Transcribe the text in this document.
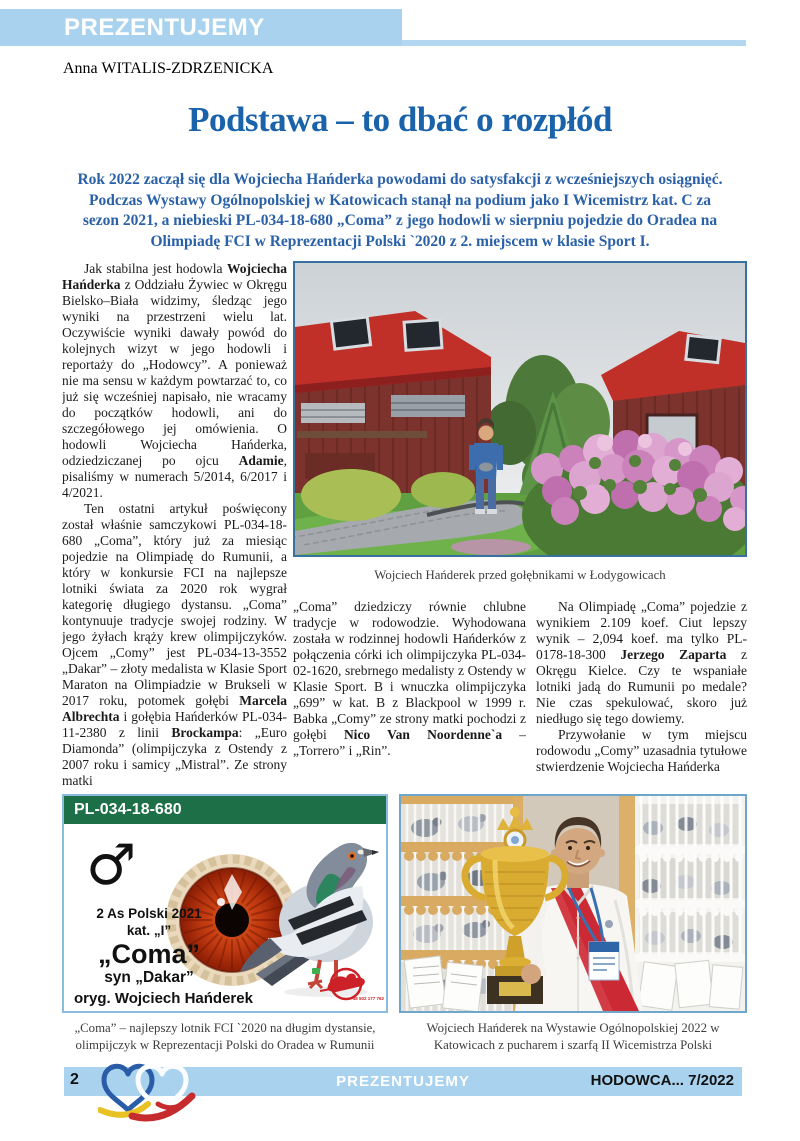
PREZENTUJEMY
Anna WITALIS-ZDRZENICKA
Podstawa – to dbać o rozpłód

Rok 2022 zaczął się dla Wojciecha Hańderka powodami do satysfakcji z wcześniejszych osiągnięć. Podczas Wystawy Ogólnopolskiej w Katowicach stanął na podium jako I Wicemistrz kat. C za sezon 2021, a niebieski PL-034-18-680 „Coma” z jego hodowli w sierpniu pojedzie do Oradea na Olimpiadę FCI w Reprezentacji Polski `2020 z 2. miejscem w klasie Sport I.

Jak stabilna jest hodowla Wojciecha Hańderka z Oddziału Żywiec w Okręgu Bielsko–Biała widzimy, śledząc jego wyniki na przestrzeni wielu lat. Oczywiście wyniki dawały powód do kolejnych wizyt w jego hodowli i reportaży do „Hodowcy”. A ponieważ nie ma sensu w każdym powtarzać to, co już się wcześniej napisało, nie wracamy do początków hodowli, ani do szczegółowego jej omówienia. O hodowli Wojciecha Hańderka, odziedziczanej po ojcu Adamie, pisaliśmy w numerach 5/2014, 6/2017 i 4/2021.

Ten ostatni artykuł poświęcony został właśnie samczykowi PL-034-18-680 „Coma”, który już za miesiąc pojedzie na Olimpiadę do Rumunii, a który w konkursie FCI na najlepsze lotniki świata za 2020 rok wygrał kategorię długiego dystansu. „Coma” kontynuuje tradycje swojej rodziny. W jego żyłach krąży krew olimpijczyków. Ojcem „Comy” jest PL-034-13-3552 „Dakar” – złoty medalista w Klasie Sport Maraton na Olimpiadzie w Brukseli w 2017 roku, potomek gołębi Marcela Albrechta i gołębia Hańderków PL-034-11-2380 z linii Brockampa: „Euro Diamonda” (olimpijczyka z Ostendy z 2007 roku i samicy „Mistral”. Ze strony matki

Wojciech Hańderek przed gołębnikami w Łodygowicach

„Coma” dziedziczy równie chlubne tradycje w rodowodzie. Wyhodowana została w rodzinnej hodowli Hańderków z połączenia córki ich olimpijczyka PL-034-02-1620, srebrnego medalisty z Ostendy w Klasie Sport. B i wnuczka olimpijczyka „699” w kat. B z Blackpool w 1999 r. Babka „Comy” ze strony matki pochodzi z gołębi Nico Van Noordenne`a – „Torrero” i „Rin”.

Na Olimpiadę „Coma” pojedzie z wynikiem 2.109 koef. Ciut lepszy wynik – 2,094 koef. ma tylko PL-0178-18-300 Jerzego Zaparta z Okręgu Kielce. Czy te wspaniałe lotniki jadą do Rumunii po medale? Nie czas spekulować, skoro już niedługo się tego dowiemy.

Przywołanie w tym miejscu rodowodu „Comy” uzasadnia tytułowe stwierdzenie Wojciecha Hańderka

PL-034-18-680
♂
2 As Polski 2021
kat. „I”
„Coma”
syn „Dakar”
oryg. Wojciech Hańderek	+48 502 177 762
„Coma” – najlepszy lotnik FCI `2020 na długim dystansie, olimpijczyk w Reprezentacji Polski do Oradea w Rumunii
Wojciech Hańderek na Wystawie Ogólnopolskiej 2022 w Katowicach z pucharem i szarfą II Wicemistrza Polski
2	PREZENTUJEMY	HODOWCA... 7/2022
